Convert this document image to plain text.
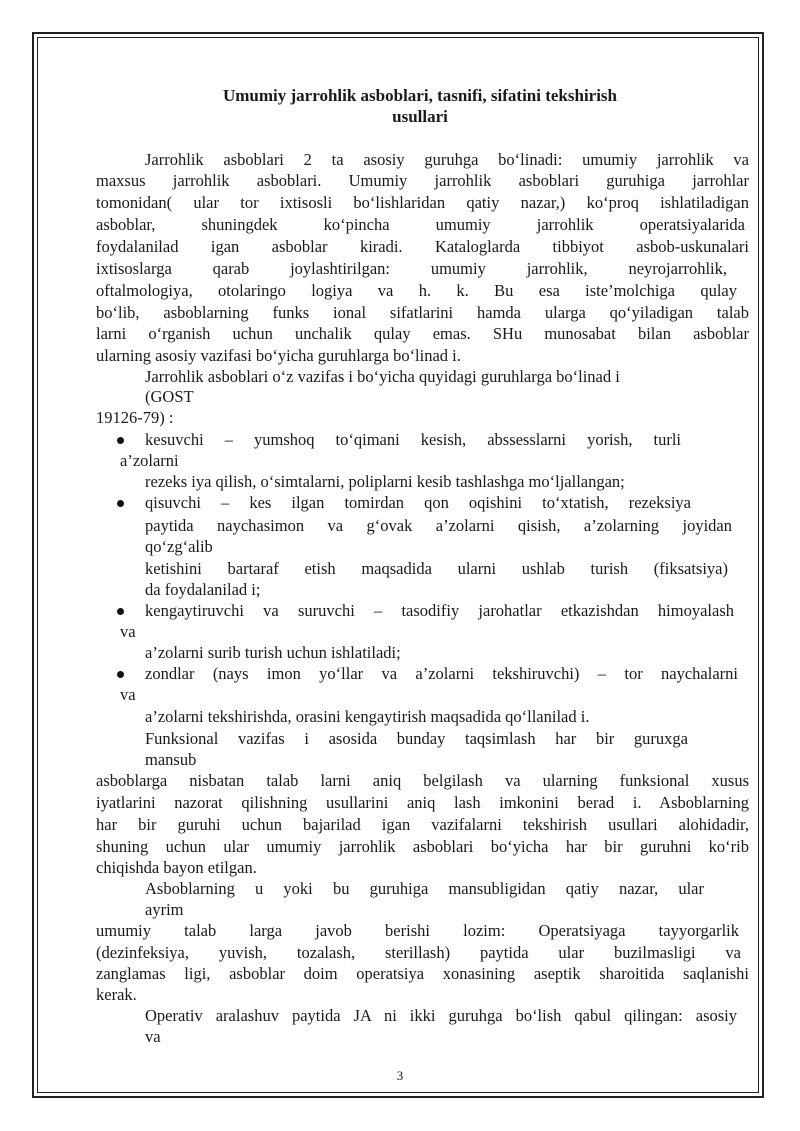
Umumiy jarrohlik asboblari, tasnifi, sifatini tekshirish
usullari
Jarrohlik asboblari 2 ta asosiy guruhga bo‘linadi: umumiy jarrohlik va
maxsus jarrohlik asboblari. Umumiy jarrohlik asboblari guruhiga jarrohlar
tomonidan( ular tor ixtisosli bo‘lishlaridan qatiy nazar,) ko‘proq ishlatiladigan
asboblar, shuningdek ko‘pincha umumiy jarrohlik operatsiyalarida
foydalanilad igan asboblar kiradi. Kataloglarda tibbiyot asbob-uskunalari
ixtisoslarga qarab joylashtirilgan: umumiy jarrohlik, neyrojarrohlik,
oftalmologiya, otolaringo logiya va h. k. Bu esa iste’molchiga qulay
bo‘lib, asboblarning funks ional sifatlarini hamda ularga qo‘yiladigan talab
larni o‘rganish uchun unchalik qulay emas. SHu munosabat bilan asboblar
ularning asosiy vazifasi bo‘yicha guruhlarga bo‘linad i.
Jarrohlik asboblari o‘z vazifas i bo‘yicha quyidagi guruhlarga bo‘linad i
(GOST
19126-79) :
kesuvchi – yumshoq to‘qimani kesish, abssesslarni yorish, turli
a’zolarni
rezeks iya qilish, o‘simtalarni, poliplarni kesib tashlashga mo‘ljallangan;
qisuvchi – kes ilgan tomirdan qon oqishini to‘xtatish, rezeksiya
paytida naychasimon va g‘ovak a’zolarni qisish, a’zolarning joyidan
qo‘zg‘alib
ketishini bartaraf etish maqsadida ularni ushlab turish (fiksatsiya)
da foydalanilad i;
kengaytiruvchi va suruvchi – tasodifiy jarohatlar etkazishdan himoyalash
va
a’zolarni surib turish uchun ishlatiladi;
zondlar (nays imon yo‘llar va a’zolarni tekshiruvchi) – tor naychalarni
va
a’zolarni tekshirishda, orasini kengaytirish maqsadida qo‘llanilad i.
Funksional vazifas i asosida bunday taqsimlash har bir guruxga
mansub
asboblarga nisbatan talab larni aniq belgilash va ularning funksional xusus
iyatlarini nazorat qilishning usullarini aniq lash imkonini berad i. Asboblarning
har bir guruhi uchun bajarilad igan vazifalarni tekshirish usullari alohidadir,
shuning uchun ular umumiy jarrohlik asboblari bo‘yicha har bir guruhni ko‘rib
chiqishda bayon etilgan.
Asboblarning u yoki bu guruhiga mansubligidan qatiy nazar, ular
ayrim
umumiy talab larga javob berishi lozim: Operatsiyaga tayyorgarlik
(dezinfeksiya, yuvish, tozalash, sterillash) paytida ular buzilmasligi va
zanglamas ligi, asboblar doim operatsiya xonasining aseptik sharoitida saqlanishi
kerak.
Operativ aralashuv paytida JA ni ikki guruhga bo‘lish qabul qilingan: asosiy
va
3
